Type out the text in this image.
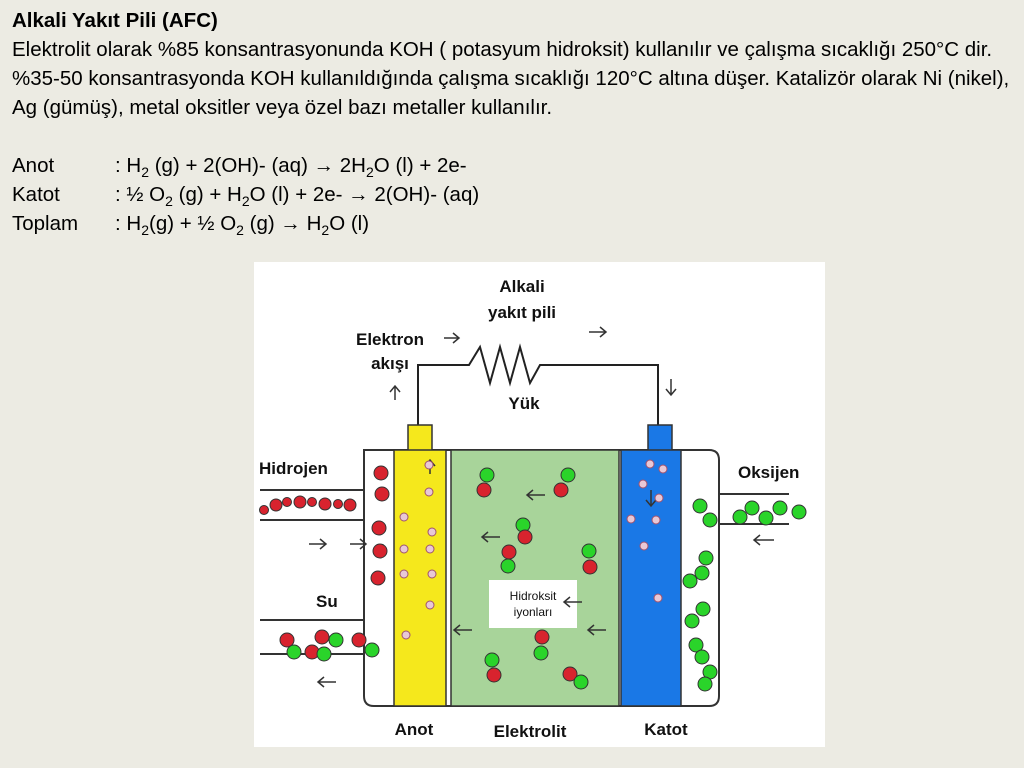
Alkali Yakıt Pili (AFC)

Elektrolit olarak %85 konsantrasyonunda KOH ( potasyum hidroksit) kullanılır ve çalışma sıcaklığı 250°C dir. %35-50 konsantrasyonda KOH kullanıldığında çalışma sıcaklığı 120°C altına düşer. Katalizör olarak Ni (nikel), Ag (gümüş), metal oksitler veya özel bazı metaller kullanılır.

Anot	: $H_2$ (g) + 2(OH)- $(aq) \to 2H_2O$ (l) + 2e-
Katot	: ½ $O_2$ $(g) + H_2O$ (l) + 2e- → 2(OH)- (aq)
Toplam	: $H_2(g)$ + ½ $O_2$ $(g) \to H_2O$ (l)
Alkali
yakıt pili
Elektron
akışı
Yük
Hidrojen	Oksijen
Su	Hidroksit
iyonları
Anot	Elektrolit	Katot
